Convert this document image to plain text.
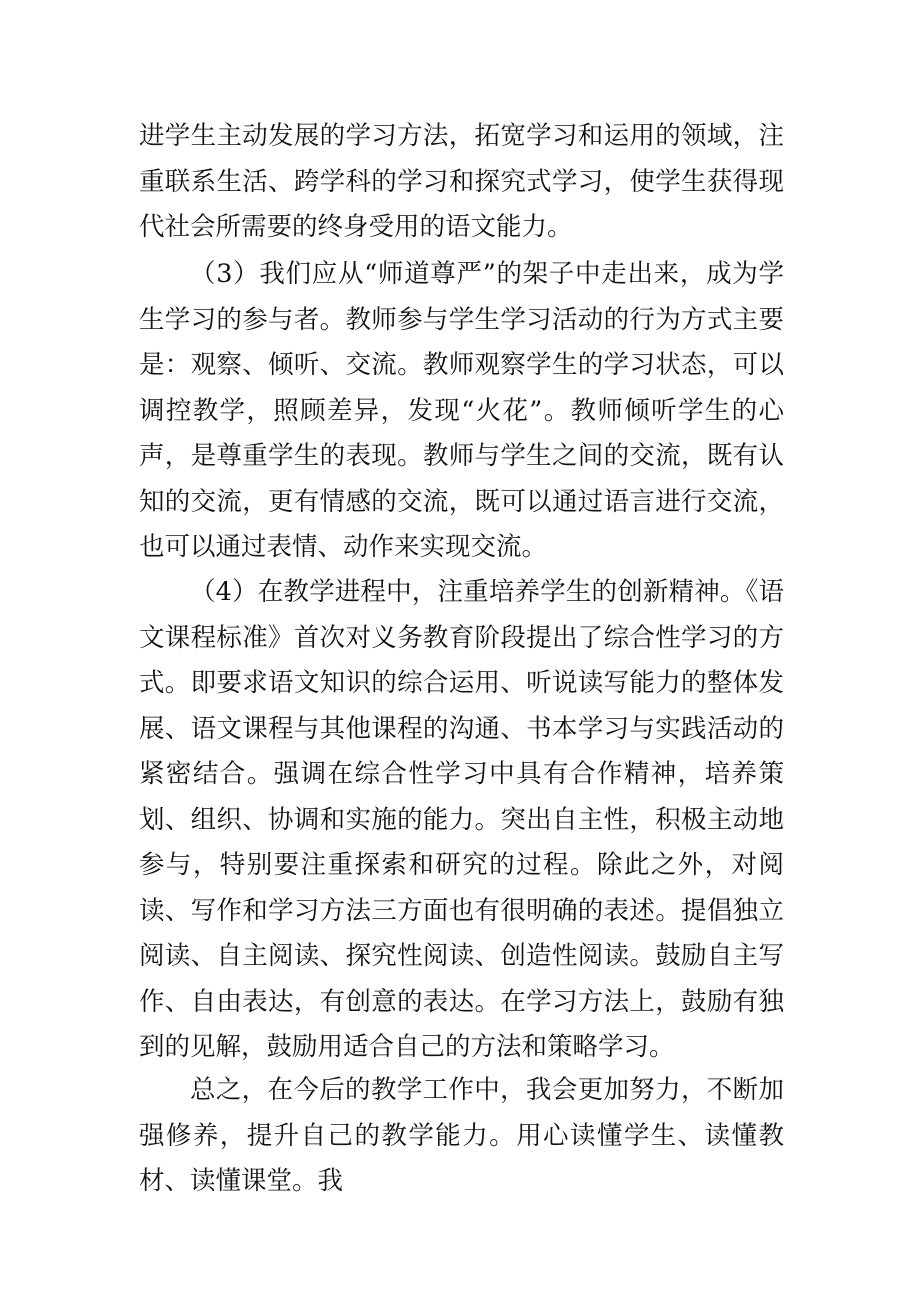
进学生主动发展的学习方法，拓宽学习和运用的领域，注重联系生活、跨学科的学习和探究式学习，使学生获得现代社会所需要的终身受用的语文能力。

（3）我们应从“师道尊严”的架子中走出来，成为学生学习的参与者。教师参与学生学习活动的行为方式主要是：观察、倾听、交流。教师观察学生的学习状态，可以调控教学，照顾差异，发现“火花”。教师倾听学生的心声，是尊重学生的表现。教师与学生之间的交流，既有认知的交流，更有情感的交流，既可以通过语言进行交流，也可以通过表情、动作来实现交流。

（4）在教学进程中，注重培养学生的创新精神。《语文课程标准》首次对义务教育阶段提出了综合性学习的方式。即要求语文知识的综合运用、听说读写能力的整体发展、语文课程与其他课程的沟通、书本学习与实践活动的紧密结合。强调在综合性学习中具有合作精神，培养策划、组织、协调和实施的能力。突出自主性，积极主动地参与，特别要注重探索和研究的过程。除此之外，对阅读、写作和学习方法三方面也有很明确的表述。提倡独立阅读、自主阅读、探究性阅读、创造性阅读。鼓励自主写作、自由表达，有创意的表达。在学习方法上，鼓励有独到的见解，鼓励用适合自己的方法和策略学习。

总之，在今后的教学工作中，我会更加努力，不断加强修养，提升自己的教学能力。用心读懂学生、读懂教材、读懂课堂。我
